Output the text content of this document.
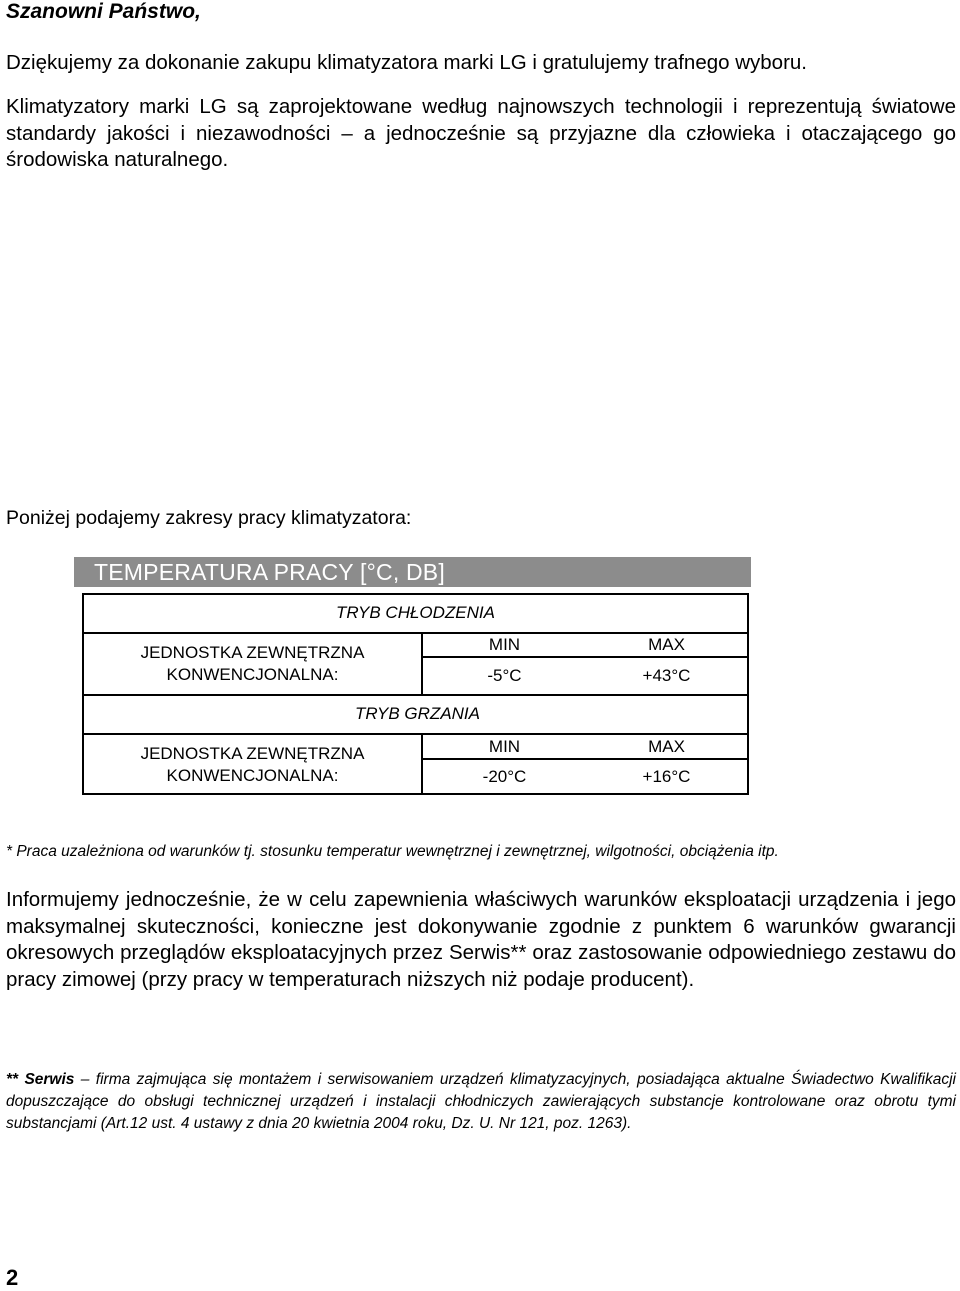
Szanowni Państwo,
Dziękujemy za dokonanie zakupu klimatyzatora marki LG i gratulujemy trafnego wyboru.
Klimatyzatory marki LG są zaprojektowane według najnowszych technologii i reprezentują światowe standardy jakości i niezawodności – a jednocześnie są przyjazne dla człowieka i otaczającego go środowiska naturalnego.
Poniżej podajemy zakresy pracy klimatyzatora:
TEMPERATURA PRACY [°C, DB]
TRYB CHŁODZENIA
JEDNOSTKA ZEWNĘTRZNA
KONWENCJONALNA:
MIN	MAX
-5°C	+43°C
TRYB GRZANIA
JEDNOSTKA ZEWNĘTRZNA
KONWENCJONALNA:
MIN	MAX
-20°C	+16°C
* Praca uzależniona od warunków tj. stosunku temperatur wewnętrznej i zewnętrznej, wilgotności, obciążenia itp.
Informujemy jednocześnie, że w celu zapewnienia właściwych warunków eksploatacji urządzenia i jego maksymalnej skuteczności, konieczne jest dokonywanie zgodnie z punktem 6 warunków gwarancji okresowych przeglądów eksploatacyjnych przez Serwis** oraz zastosowanie odpowiedniego zestawu do pracy zimowej (przy pracy w temperaturach niższych niż podaje producent).
** Serwis – firma zajmująca się montażem i serwisowaniem urządzeń klimatyzacyjnych, posiadająca aktualne Świadectwo Kwalifikacji dopuszczające do obsługi technicznej urządzeń i instalacji chłodniczych zawierających substancje kontrolowane oraz obrotu tymi substancjami (Art.12 ust. 4 ustawy z dnia 20 kwietnia 2004 roku, Dz. U. Nr 121, poz. 1263).
2
